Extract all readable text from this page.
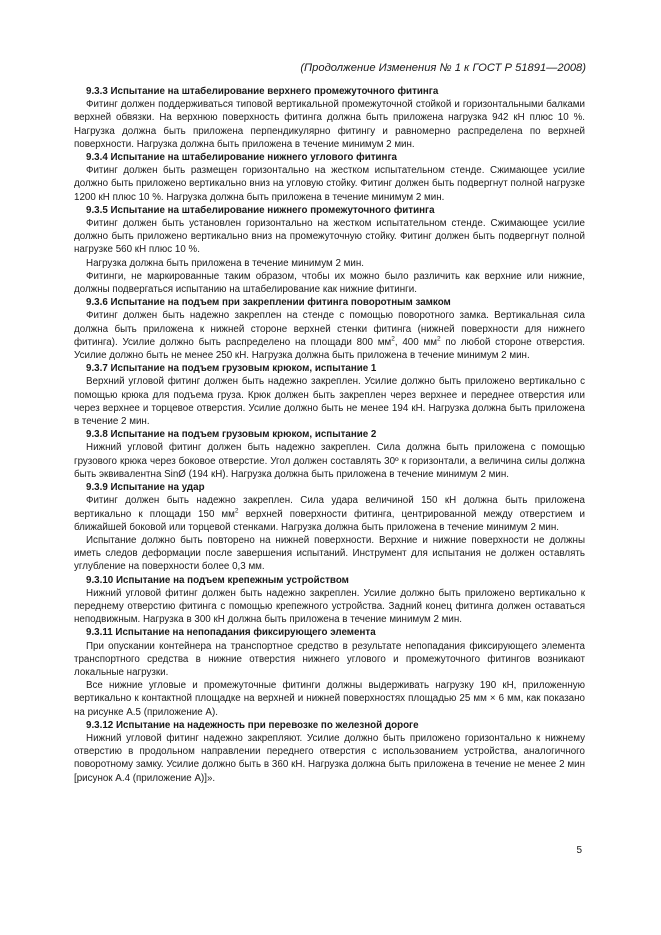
(Продолжение Изменения № 1 к ГОСТ Р 51891—2008)
9.3.3 Испытание на штабелирование верхнего промежуточного фитинга

Фитинг должен поддерживаться типовой вертикальной промежуточной стойкой и горизонтальными балками верхней обвязки. На верхнюю поверхность фитинга должна быть приложена нагрузка 942 кН плюс 10 %. Нагрузка должна быть приложена перпендикулярно фитингу и равномерно распределена по верхней поверхности. Нагрузка должна быть приложена в течение минимум 2 мин.

9.3.4 Испытание на штабелирование нижнего углового фитинга

Фитинг должен быть размещен горизонтально на жестком испытательном стенде. Сжимающее усилие должно быть приложено вертикально вниз на угловую стойку. Фитинг должен быть подвергнут полной нагрузке 1200 кН плюс 10 %. Нагрузка должна быть приложена в течение минимум 2 мин.

9.3.5 Испытание на штабелирование нижнего промежуточного фитинга

Фитинг должен быть установлен горизонтально на жестком испытательном стенде. Сжимающее усилие должно быть приложено вертикально вниз на промежуточную стойку. Фитинг должен быть подвергнут полной нагрузке 560 кН плюс 10 %.

Нагрузка должна быть приложена в течение минимум 2 мин.

Фитинги, не маркированные таким образом, чтобы их можно было различить как верхние или нижние, должны подвергаться испытанию на штабелирование как нижние фитинги.

9.3.6 Испытание на подъем при закреплении фитинга поворотным замком

Фитинг должен быть надежно закреплен на стенде с помощью поворотного замка. Вертикальная сила должна быть приложена к нижней стороне верхней стенки фитинга (нижней поверхности для нижнего фитинга). Усилие должно быть распределено на площади 800 $мм^2$, 400 $мм^2$ по любой стороне отверстия. Усилие должно быть не менее 250 кН. Нагрузка должна быть приложена в течение минимум 2 мин.

9.3.7 Испытание на подъем грузовым крюком, испытание 1

Верхний угловой фитинг должен быть надежно закреплен. Усилие должно быть приложено вертикально с помощью крюка для подъема груза. Крюк должен быть закреплен через верхнее и переднее отверстия или через верхнее и торцевое отверстия. Усилие должно быть не менее 194 кН. Нагрузка должна быть приложена в течение 2 мин.

9.3.8 Испытание на подъем грузовым крюком, испытание 2

Нижний угловой фитинг должен быть надежно закреплен. Сила должна быть приложена с помощью грузового крюка через боковое отверстие. Угол должен составлять 30º к горизонтали, а величина силы должна быть эквивалентна SinØ (194 кН). Нагрузка должна быть приложена в течение минимум 2 мин.

9.3.9 Испытание на удар

Фитинг должен быть надежно закреплен. Сила удара величиной 150 кН должна быть приложена вертикально к площади 150 $мм^2$ верхней поверхности фитинга, центрированной между отверстием и ближайшей боковой или торцевой стенками. Нагрузка должна быть приложена в течение минимум 2 мин.

Испытание должно быть повторено на нижней поверхности. Верхние и нижние поверхности не должны иметь следов деформации после завершения испытаний. Инструмент для испытания не должен оставлять углубление на поверхности более 0,3 мм.

9.3.10 Испытание на подъем крепежным устройством

Нижний угловой фитинг должен быть надежно закреплен. Усилие должно быть приложено вертикально к переднему отверстию фитинга с помощью крепежного устройства. Задний конец фитинга должен оставаться неподвижным. Нагрузка в 300 кН должна быть приложена в течение минимум 2 мин.

9.3.11 Испытание на непопадания фиксирующего элемента

При опускании контейнера на транспортное средство в результате непопадания фиксирующего элемента транспортного средства в нижние отверстия нижнего углового и промежуточного фитингов возникают локальные нагрузки.

Все нижние угловые и промежуточные фитинги должны выдерживать нагрузку 190 кН, приложенную вертикально к контактной площадке на верхней и нижней поверхностях площадью 25 мм × 6 мм, как показано на рисунке А.5 (приложение А).

9.3.12 Испытание на надежность при перевозке по железной дороге

Нижний угловой фитинг надежно закрепляют. Усилие должно быть приложено горизонтально к нижнему отверстию в продольном направлении переднего отверстия с использованием устройства, аналогичного поворотному замку. Усилие должно быть в 360 кН. Нагрузка должна быть приложена в течение не менее 2 мин [рисунок А.4 (приложение А)]».

5
